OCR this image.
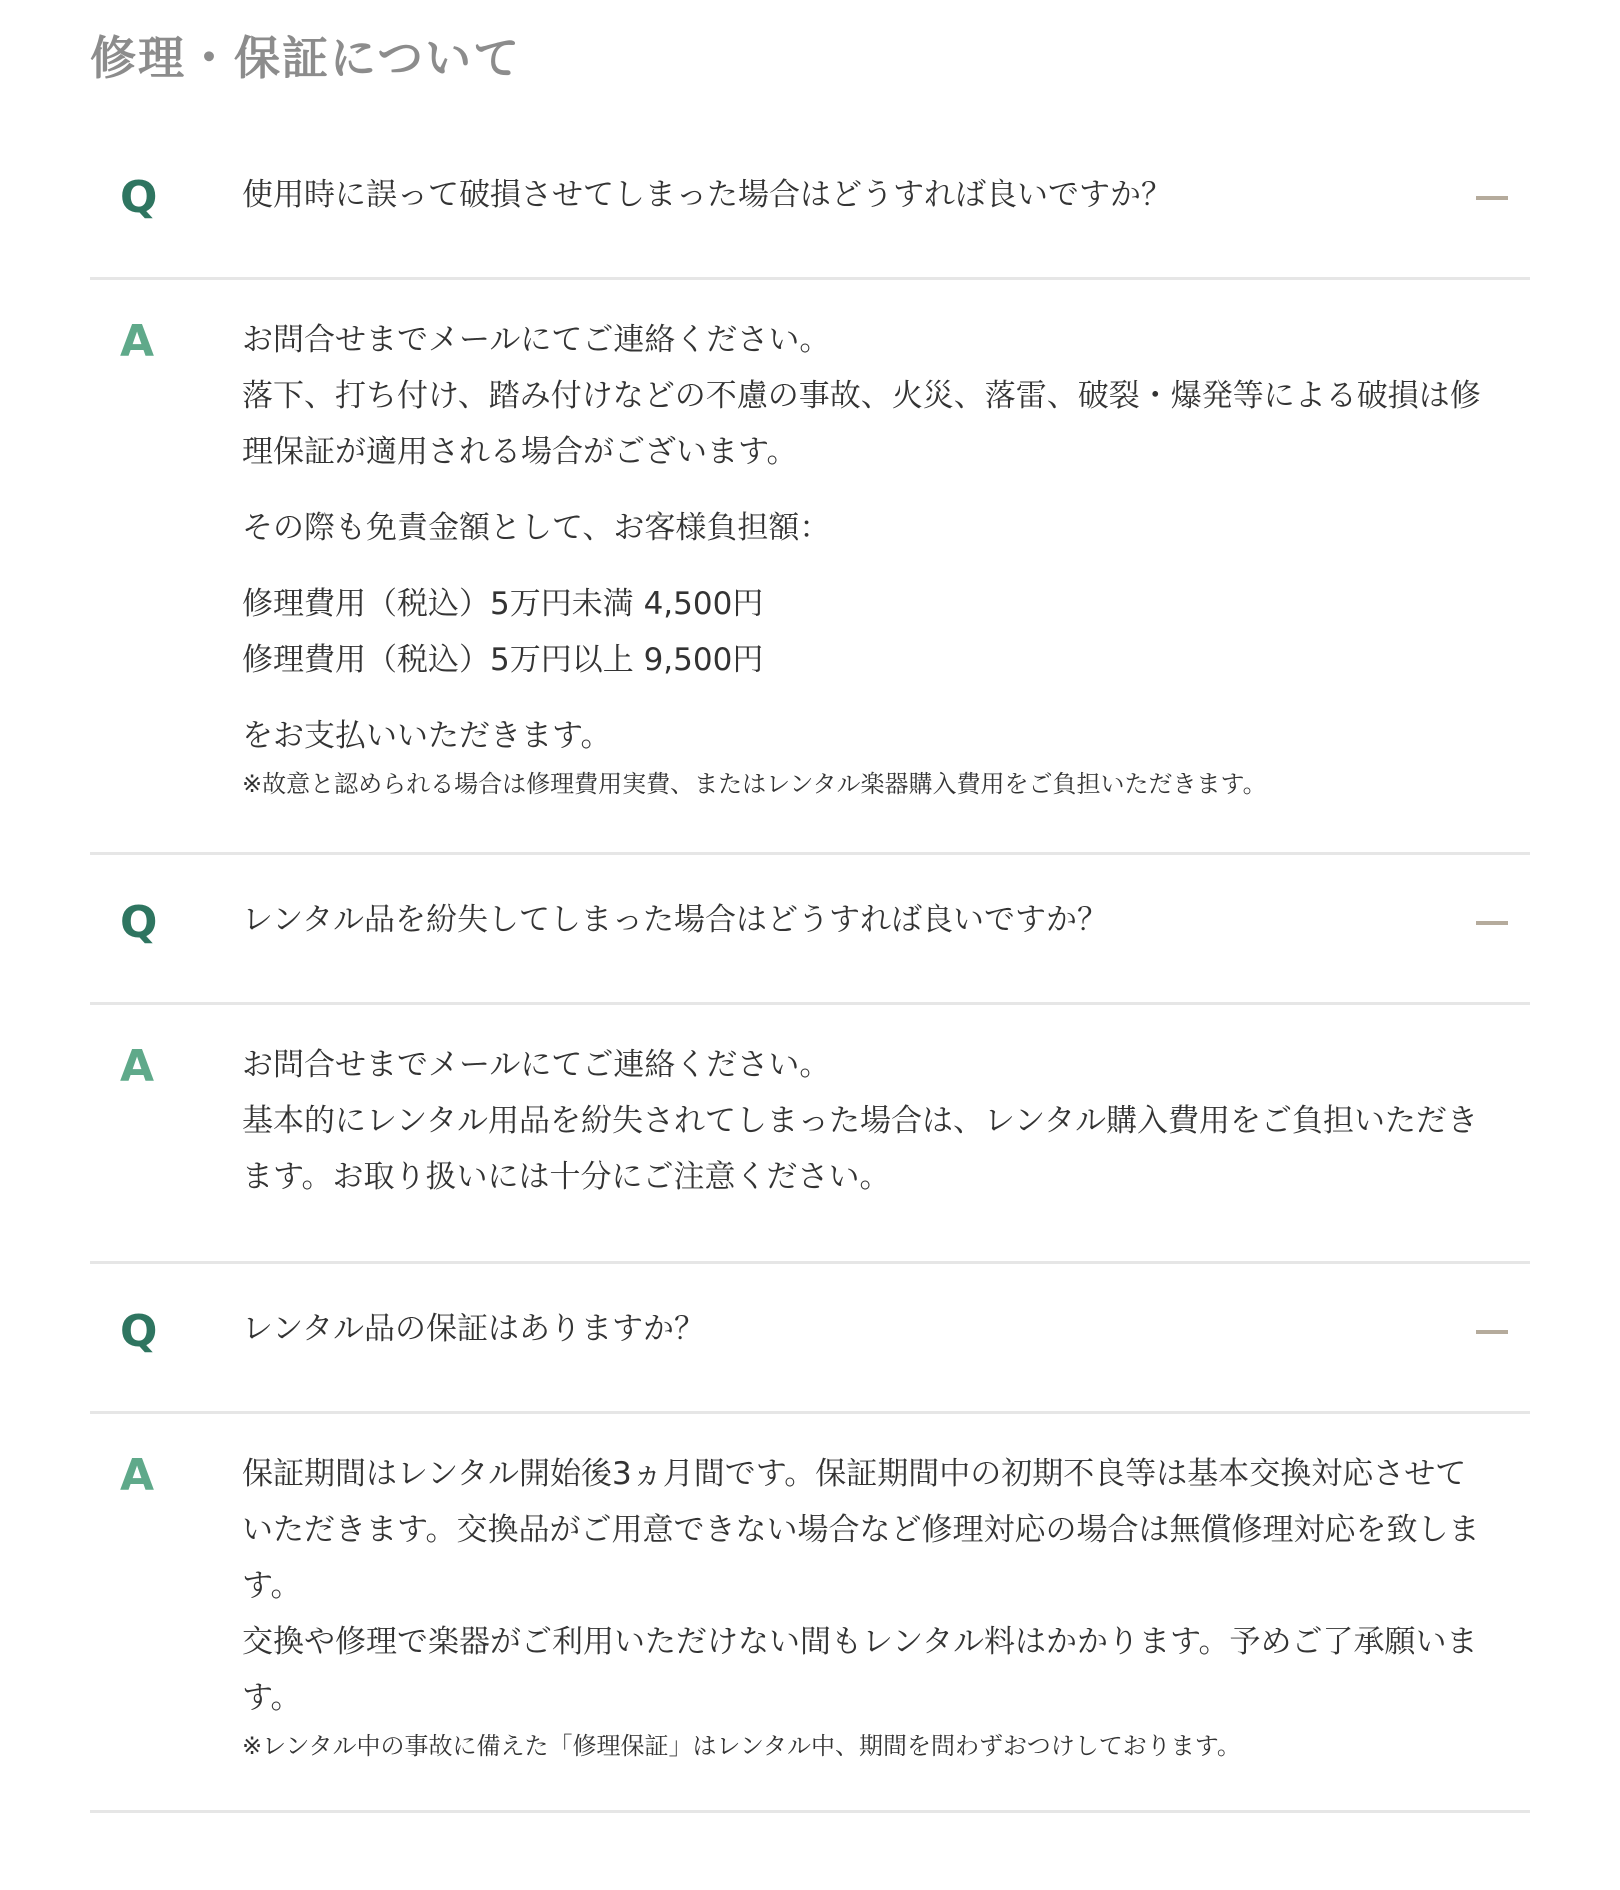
修理・保証について
Q	使用時に誤って破損させてしまった場合はどうすれば良いですか？
A	お問合せまでメールにてご連絡ください。

落下、打ち付け、踏み付けなどの不慮の事故、火災、落雷、破裂・爆発等による破損は修理保証が適用される場合がございます。

その際も免責金額として、お客様負担額：

修理費用（税込）5万円未満 4,500円

修理費用（税込）5万円以上 9,500円

をお支払いいただきます。

※故意と認められる場合は修理費用実費、またはレンタル楽器購入費用をご負担いただきます。

Q	レンタル品を紛失してしまった場合はどうすれば良いですか？
A	お問合せまでメールにてご連絡ください。

基本的にレンタル用品を紛失されてしまった場合は、レンタル購入費用をご負担いただきます。お取り扱いには十分にご注意ください。

Q	レンタル品の保証はありますか？
A	保証期間はレンタル開始後3ヵ月間です。保証期間中の初期不良等は基本交換対応させていただきます。交換品がご用意できない場合など修理対応の場合は無償修理対応を致します。

交換や修理で楽器がご利用いただけない間もレンタル料はかかります。予めご了承願います。

※レンタル中の事故に備えた「修理保証」はレンタル中、期間を問わずおつけしております。
